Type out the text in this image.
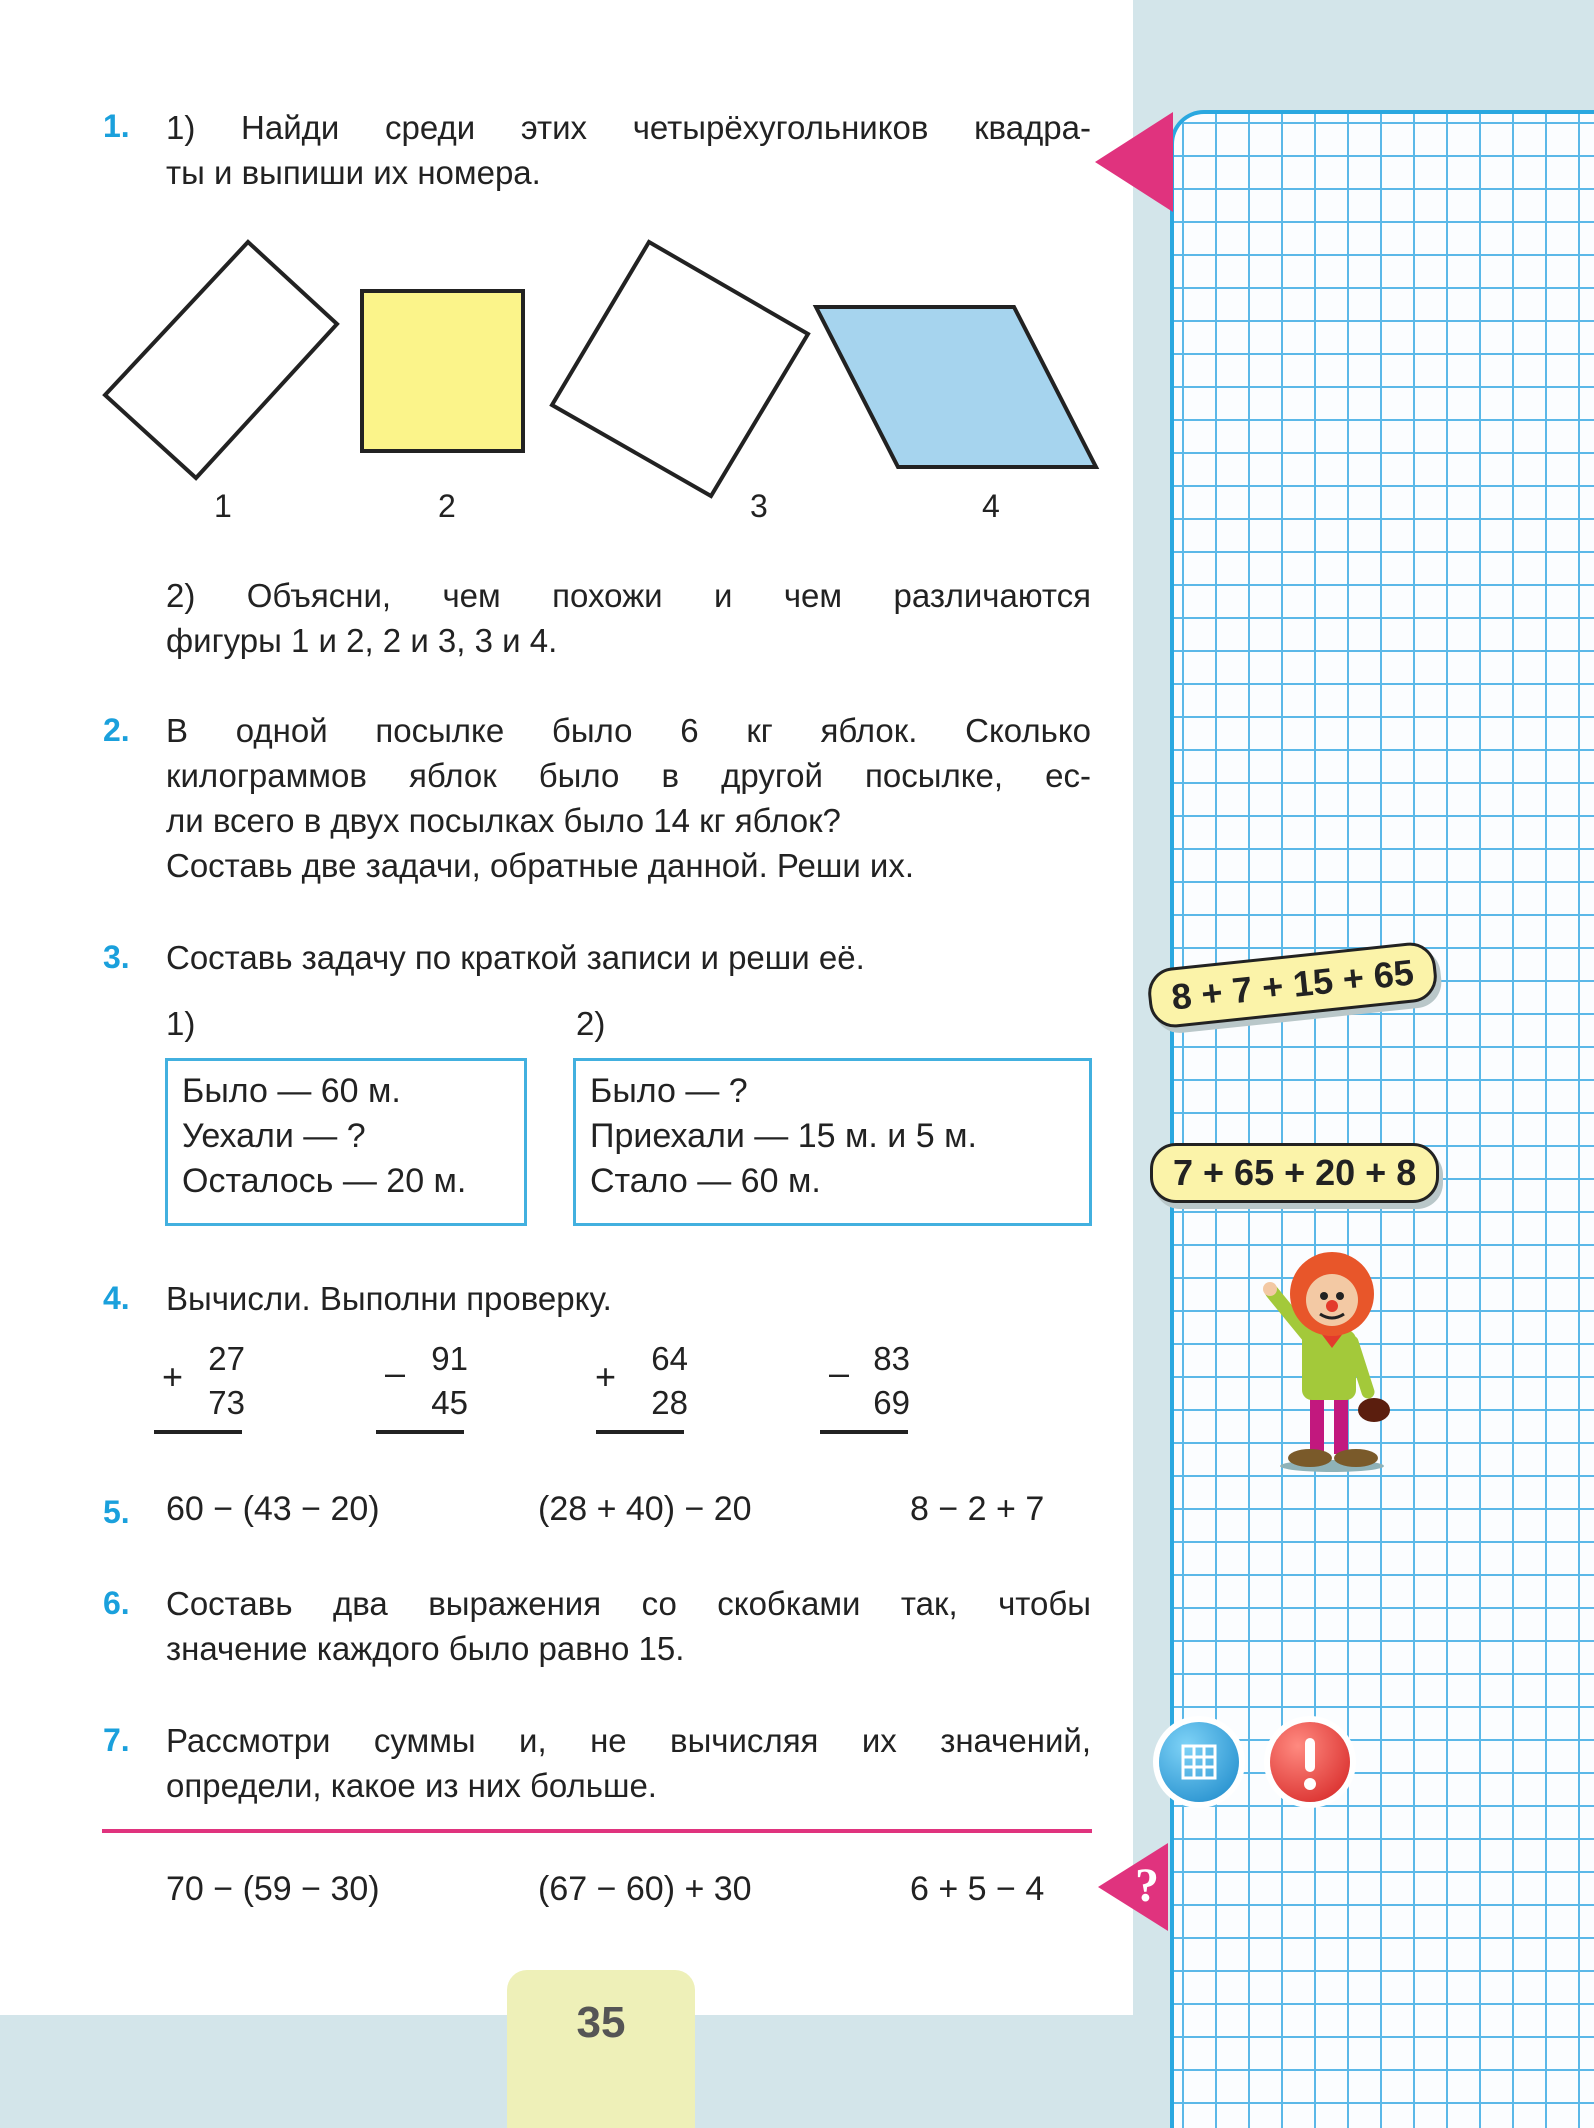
?
1. 1) Найди среди этих четырёхугольников квадра-
ты и выпиши их номера.
1	2	3	4
2) Объясни, чем похожи и чем различаются
фигуры 1 и 2, 2 и 3, 3 и 4.
2. В одной посылке было 6 кг яблок. Сколько
килограммов яблок было в другой посылке, ес-
ли всего в двух посылках было 14 кг яблок?
Составь две задачи, обратные данной. Реши их.
3. Составь задачу по краткой записи и реши её.
1)	2)
Было — 60 м.
Уехали — ?
Осталось — 20 м.
Было — ?
Приехали — 15 м. и 5 м.
Стало — 60 м.
4. Вычисли. Выполни проверку.
+ 27
73
– 91
45
+	64
28
– 83
69
5. 60 − (43 − 20)	(28 + 40) − 20	8 − 2 + 7
6. Составь два выражения со скобками так, чтобы
значение каждого было равно 15.
7. Рассмотри суммы и, не вычисляя их значений,
определи, какое из них больше.
70 − (59 − 30)	(67 − 60) + 30	6 + 5 − 4
35
8 + 7 + 15 + 65
7 + 65 + 20 + 8
